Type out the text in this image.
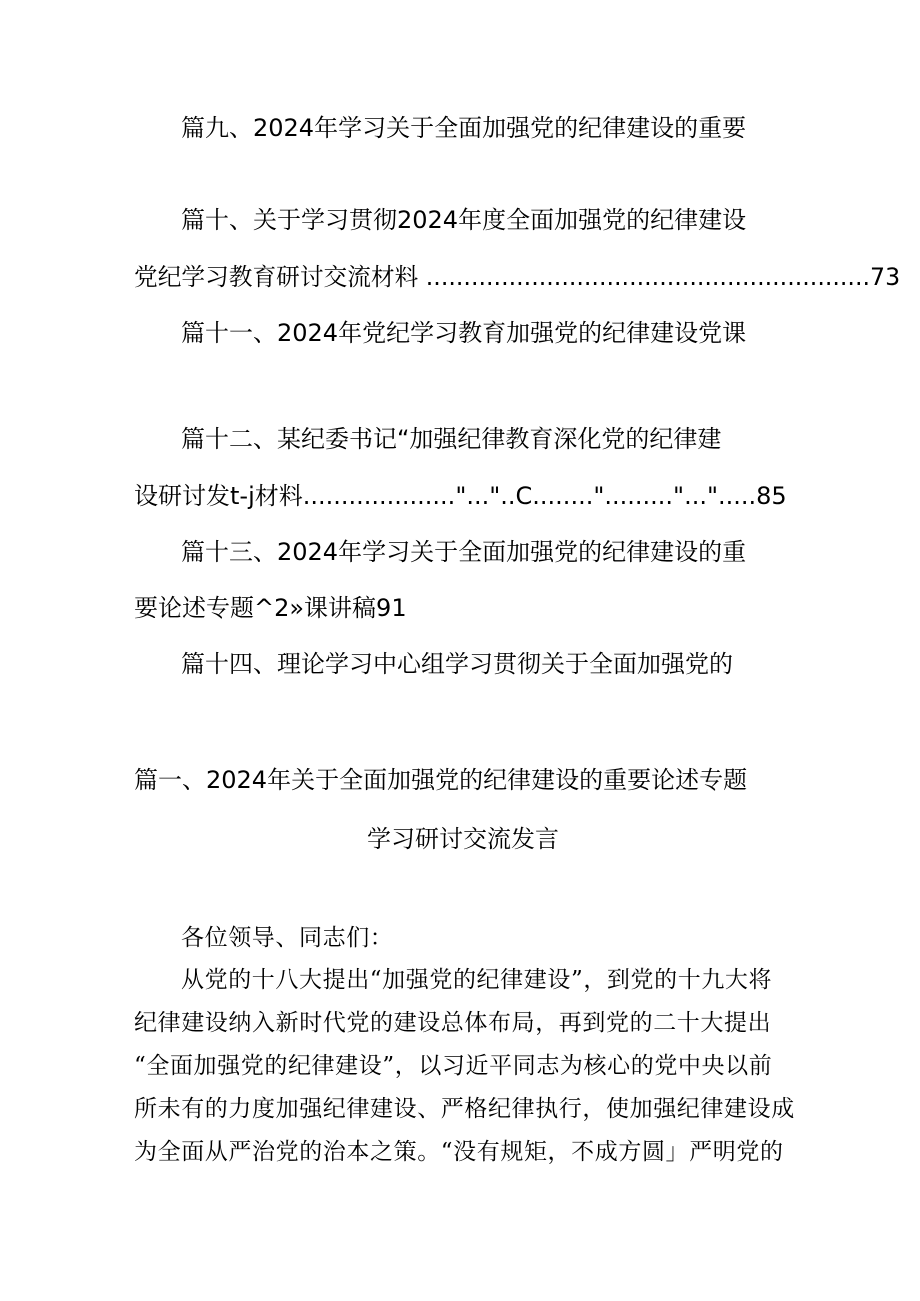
篇九、2024年学习关于全面加强党的纪律建设的重要
篇十、关于学习贯彻2024年度全面加强党的纪律建设
党纪学习教育研讨交流材料 ...........................................................73
篇十一、2024年党纪学习教育加强党的纪律建设党课
篇十二、某纪委书记“加强纪律教育深化党的纪律建
设研讨发t-j材料...................."..."..C........"........."...".....85
篇十三、2024年学习关于全面加强党的纪律建设的重
要论述专题^2»课讲稿91
篇十四、理论学习中心组学习贯彻关于全面加强党的
篇一、2024年关于全面加强党的纪律建设的重要论述专题
学习研讨交流发言
各位领导、同志们：
从党的十八大提出“加强党的纪律建设”，到党的十九大将
纪律建设纳入新时代党的建设总体布局，再到党的二十大提出
“全面加强党的纪律建设”，以习近平同志为核心的党中央以前
所未有的力度加强纪律建设、严格纪律执行，使加强纪律建设成
为全面从严治党的治本之策。“没有规矩，不成方圆」严明党的
